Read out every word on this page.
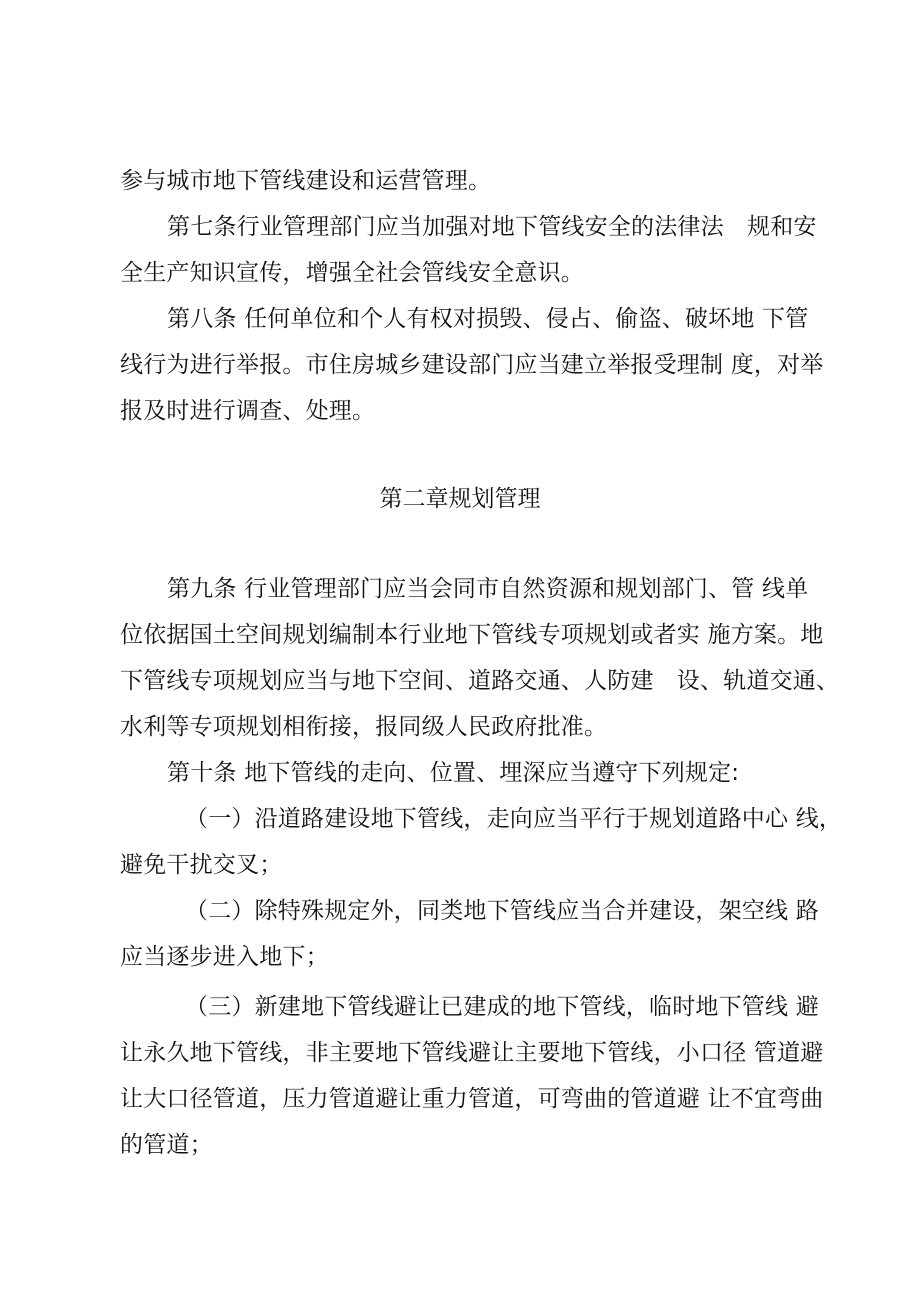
参与城市地下管线建设和运营管理。
第七条行业管理部门应当加强对地下管线安全的法律法　规和安
全生产知识宣传，增强全社会管线安全意识。
第八条 任何单位和个人有权对损毁、侵占、偷盗、破坏地 下管
线行为进行举报。市住房城乡建设部门应当建立举报受理制 度，对举
报及时进行调查、处理。
第二章规划管理
第九条 行业管理部门应当会同市自然资源和规划部门、管 线单
位依据国土空间规划编制本行业地下管线专项规划或者实 施方案。地
下管线专项规划应当与地下空间、道路交通、人防建　设、轨道交通、
水利等专项规划相衔接，报同级人民政府批准。
第十条 地下管线的走向、位置、埋深应当遵守下列规定:
（一）沿道路建设地下管线，走向应当平行于规划道路中心 线，
避免干扰交叉；
（二）除特殊规定外，同类地下管线应当合并建设，架空线 路
应当逐步进入地下；
（三）新建地下管线避让已建成的地下管线，临时地下管线 避
让永久地下管线，非主要地下管线避让主要地下管线，小口径 管道避
让大口径管道，压力管道避让重力管道，可弯曲的管道避 让不宜弯曲
的管道；
